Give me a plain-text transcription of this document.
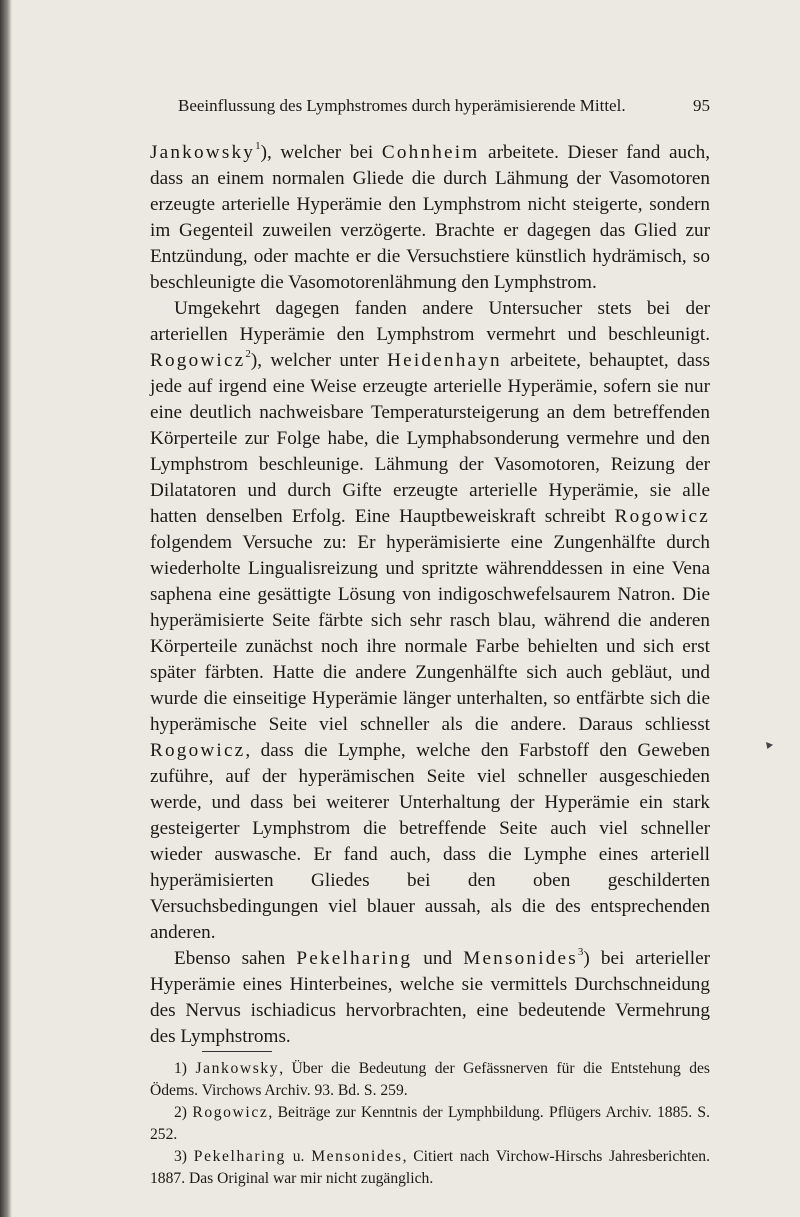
Beeinflussung des Lymphstromes durch hyperämisierende Mittel.	95

Jankowsky$^1$), welcher bei Cohnheim arbeitete. Dieser fand auch, dass an einem normalen Gliede die durch Lähmung der Vasomotoren erzeugte arterielle Hyperämie den Lymphstrom nicht steigerte, sondern im Gegenteil zuweilen verzögerte. Brachte er dagegen das Glied zur Entzündung, oder machte er die Versuchstiere künstlich hydrämisch, so beschleunigte die Vasomotorenlähmung den Lymphstrom.

Umgekehrt dagegen fanden andere Untersucher stets bei der arteriellen Hyperämie den Lymphstrom vermehrt und beschleunigt. Rogowicz$^2$), welcher unter Heidenhayn arbeitete, behauptet, dass jede auf irgend eine Weise erzeugte arterielle Hyperämie, sofern sie nur eine deutlich nachweisbare Temperatursteigerung an dem betreffenden Körperteile zur Folge habe, die Lymphabsonderung vermehre und den Lymphstrom beschleunige. Lähmung der Vasomotoren, Reizung der Dilatatoren und durch Gifte erzeugte arterielle Hyperämie, sie alle hatten denselben Erfolg. Eine Hauptbeweiskraft schreibt Rogowicz folgendem Versuche zu: Er hyperämisierte eine Zungenhälfte durch wiederholte Lingualisreizung und spritzte währenddessen in eine Vena saphena eine gesättigte Lösung von indigoschwefelsaurem Natron. Die hyperämisierte Seite färbte sich sehr rasch blau, während die anderen Körperteile zunächst noch ihre normale Farbe behielten und sich erst später färbten. Hatte die andere Zungenhälfte sich auch gebläut, und wurde die einseitige Hyperämie länger unterhalten, so entfärbte sich die hyperämische Seite viel schneller als die andere. Daraus schliesst Rogowicz, dass die Lymphe, welche den Farbstoff den Geweben zuführe, auf der hyperämischen Seite viel schneller ausgeschieden werde, und dass bei weiterer Unterhaltung der Hyperämie ein stark gesteigerter Lymphstrom die betreffende Seite auch viel schneller wieder auswasche. Er fand auch, dass die Lymphe eines arteriell hyperämisierten Gliedes bei den oben geschilderten Versuchsbedingungen viel blauer aussah, als die des entsprechenden anderen.

Ebenso sahen Pekelharing und Mensonides$^3$) bei arterieller Hyperämie eines Hinterbeines, welche sie vermittels Durchschneidung des Nervus ischiadicus hervorbrachten, eine bedeutende Vermehrung des Lymphstroms.

1) Jankowsky, Über die Bedeutung der Gefässnerven für die Entstehung des Ödems. Virchows Archiv. 93. Bd. S. 259.

2) Rogowicz, Beiträge zur Kenntnis der Lymphbildung. Pflügers Archiv. 1885. S. 252.

3) Pekelharing u. Mensonides, Citiert nach Virchow-Hirschs Jahresberichten. 1887. Das Original war mir nicht zugänglich.
